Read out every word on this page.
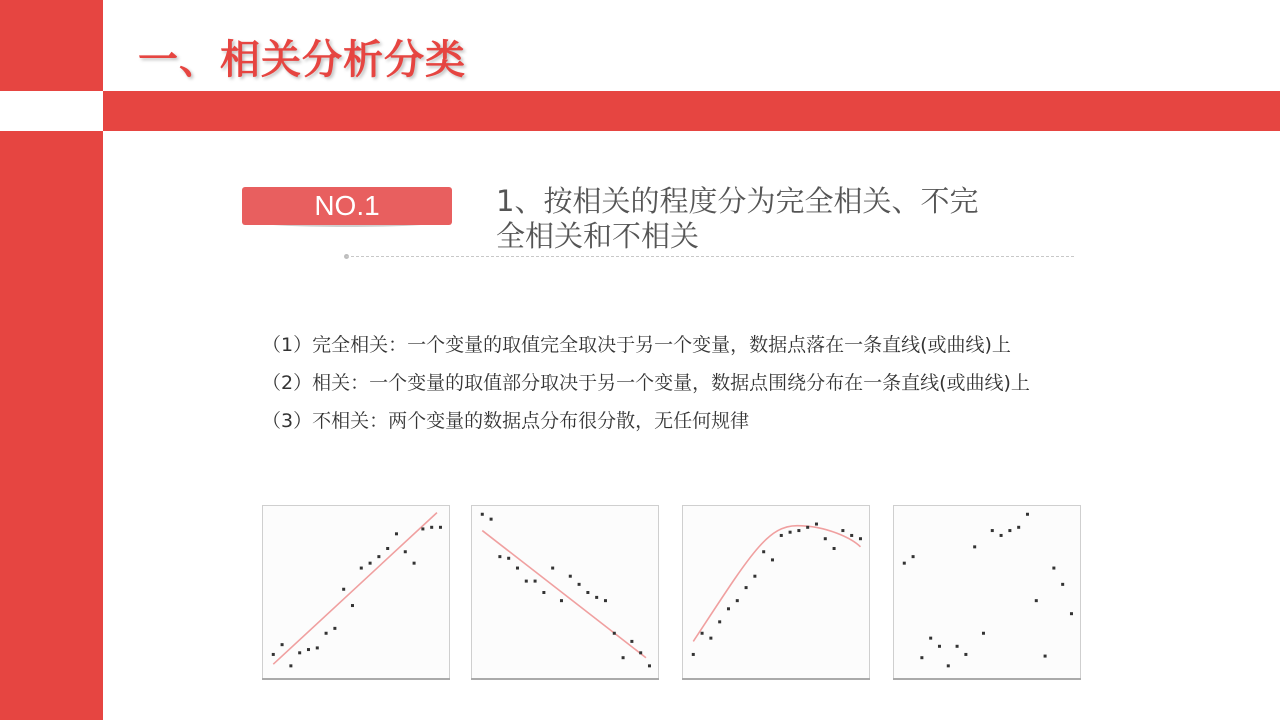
一、相关分析分类
NO.1	1、按相关的程度分为完全相关、不完
全相关和不相关
（1）完全相关：一个变量的取值完全取决于另一个变量，数据点落在一条直线(或曲线)上
（2）相关：一个变量的取值部分取决于另一个变量，数据点围绕分布在一条直线(或曲线)上
（3）不相关：两个变量的数据点分布很分散，无任何规律
